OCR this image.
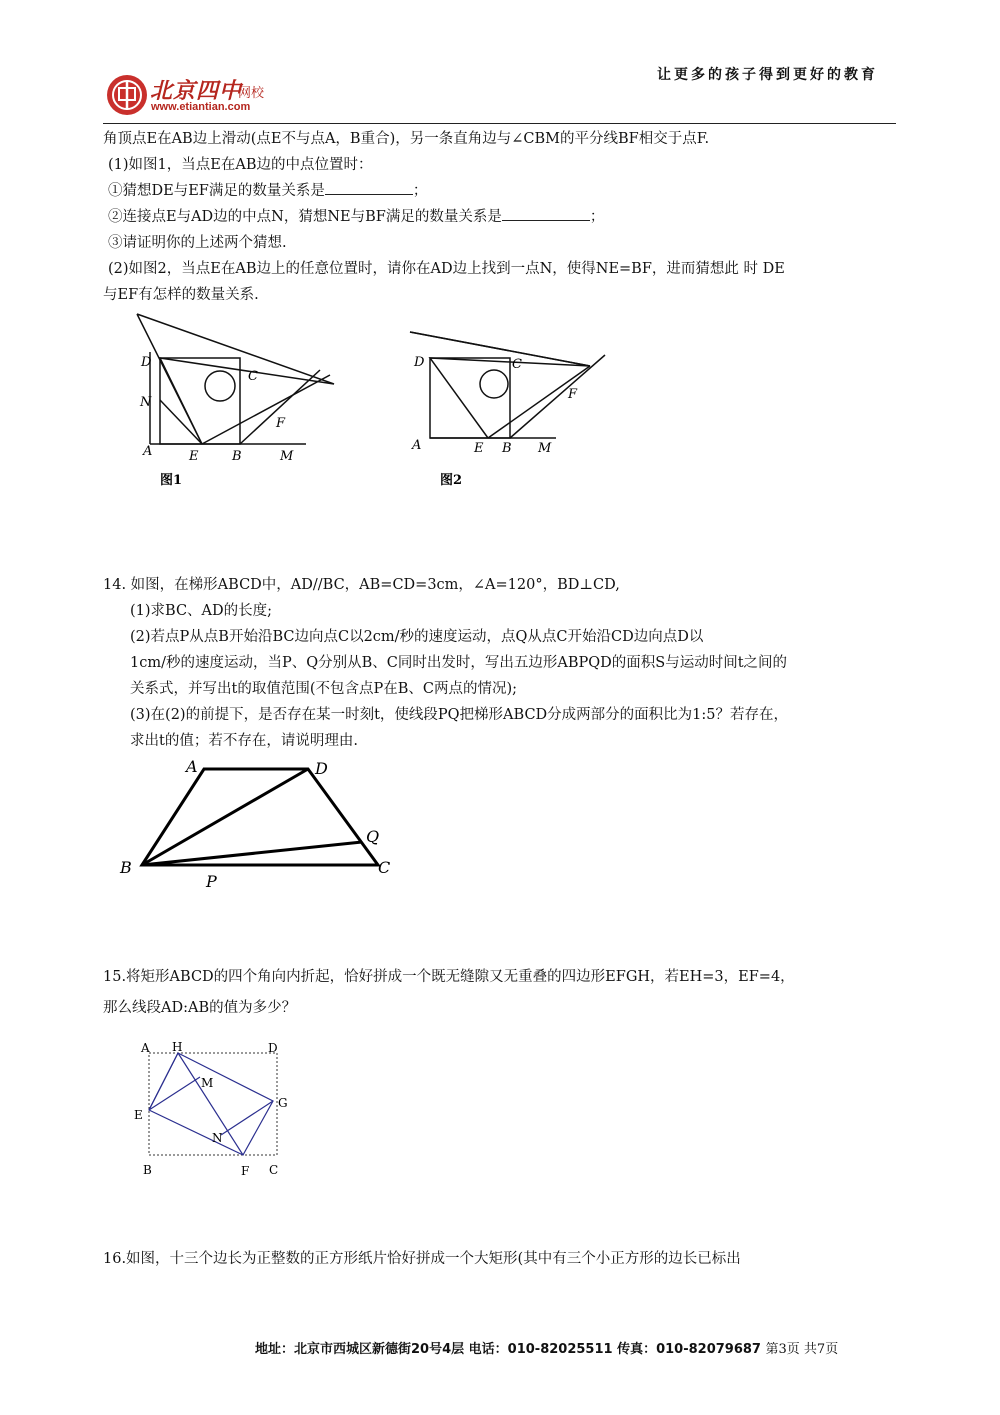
让更多的孩子得到更好的教育
北京四中
网校
www.etiantian.com
角顶点E在AB边上滑动(点E不与点A，B重合)，另一条直角边与∠CBM的平分线BF相交于点F.
(1)如图1，当点E在AB边的中点位置时：
①猜想DE与EF满足的数量关系是	；
②连接点E与AD边的中点N，猜想NE与BF满足的数量关系是	；
③请证明你的上述两个猜想.
(2)如图2，当点E在AB边上的任意位置时，请你在AD边上找到一点N，使得NE=BF，进而猜想此 时 DE
与EF有怎样的数量关系.
D
C
N
F
A	E	B	M
图1
D	C
F
A	E B M
图2
14. 如图，在梯形ABCD中，AD//BC，AB=CD=3cm，∠A=120°，BD⊥CD,
(1)求BC、AD的长度;
(2)若点P从点B开始沿BC边向点C以2cm/秒的速度运动，点Q从点C开始沿CD边向点D以
1cm/秒的速度运动，当P、Q分别从B、C同时出发时，写出五边形ABPQD的面积S与运动时间t之间的
关系式，并写出t的取值范围(不包含点P在B、C两点的情况);
(3)在(2)的前提下，是否存在某一时刻t，使线段PQ把梯形ABCD分成两部分的面积比为1:5？若存在，
求出t的值；若不存在，请说明理由.
A	D
Q
B
P
C
15.将矩形ABCD的四个角向内折起，恰好拼成一个既无缝隙又无重叠的四边形EFGH，若EH=3，EF=4，
那么线段AD:AB的值为多少？
A H	D
M
E
G
N
B	F C
16.如图，十三个边长为正整数的正方形纸片恰好拼成一个大矩形(其中有三个小正方形的边长已标出
地址：北京市西城区新德街20号4层 电话：010-82025511 传真：010-82079687 第3页 共7页
